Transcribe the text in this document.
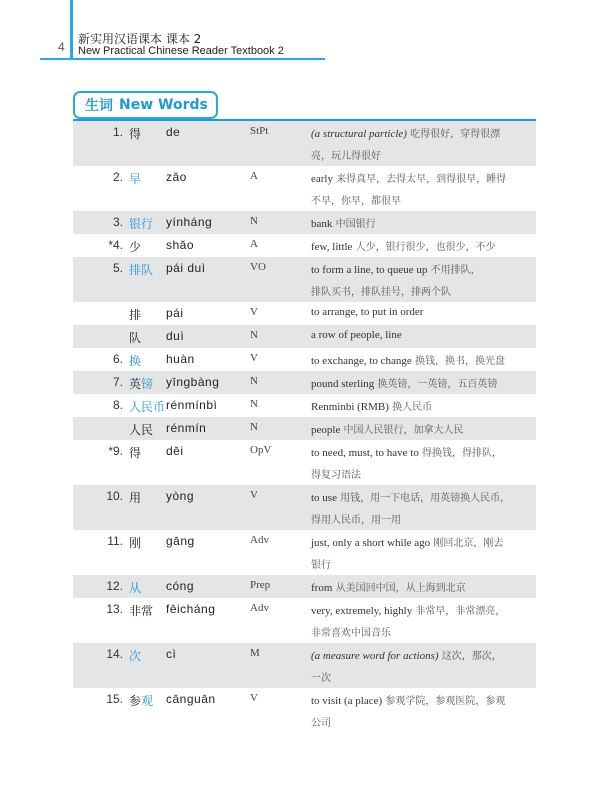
4
新实用汉语课本 课本 2
New Practical Chinese Reader Textbook 2
生词 New Words
1. 得 de	StPt	(a structural particle) 吃得很好，穿得很漂
亮，玩儿得很好
2. 早 zǎo	A	early 来得真早，去得太早，到得很早，睡得
不早，你早，都很早
3. 银行 yínháng	N	bank 中国银行
*4. 少 shǎo	A	few, little 人少，银行很少，也很少，不少
5. 排队 pái duì	VO	to form a line, to queue up 不用排队，
排队买书，排队挂号，排两个队
排 pái	V	to arrange, to put in order
队 duì	N	a row of people, line
6. 换 huàn	V	to exchange, to change 换钱，换书，换光盘
7. 英镑 yīngbàng	N	pound sterling 换英镑，一英镑，五百英镑
8. 人民币 rénmínbì	N	Renminbi (RMB) 换人民币
人民 rénmín	N	people 中国人民银行，加拿大人民
*9. 得 děi	OpV	to need, must, to have to 得换钱，得排队，
得复习语法
10. 用 yòng	V	to use 用钱，用一下电话，用英镑换人民币，
得用人民币，用一用
11. 刚 gāng	Adv	just, only a short while ago 刚回北京，刚去
银行
12. 从 cóng	Prep	from 从美国回中国，从上海到北京
13. 非常 fēicháng	Adv	very, extremely, highly 非常早，非常漂亮，
非常喜欢中国音乐
14. 次 cì	M	(a measure word for actions) 这次，那次，
一次
15. 参观 cānguān	V	to visit (a place) 参观学院，参观医院，参观
公司
